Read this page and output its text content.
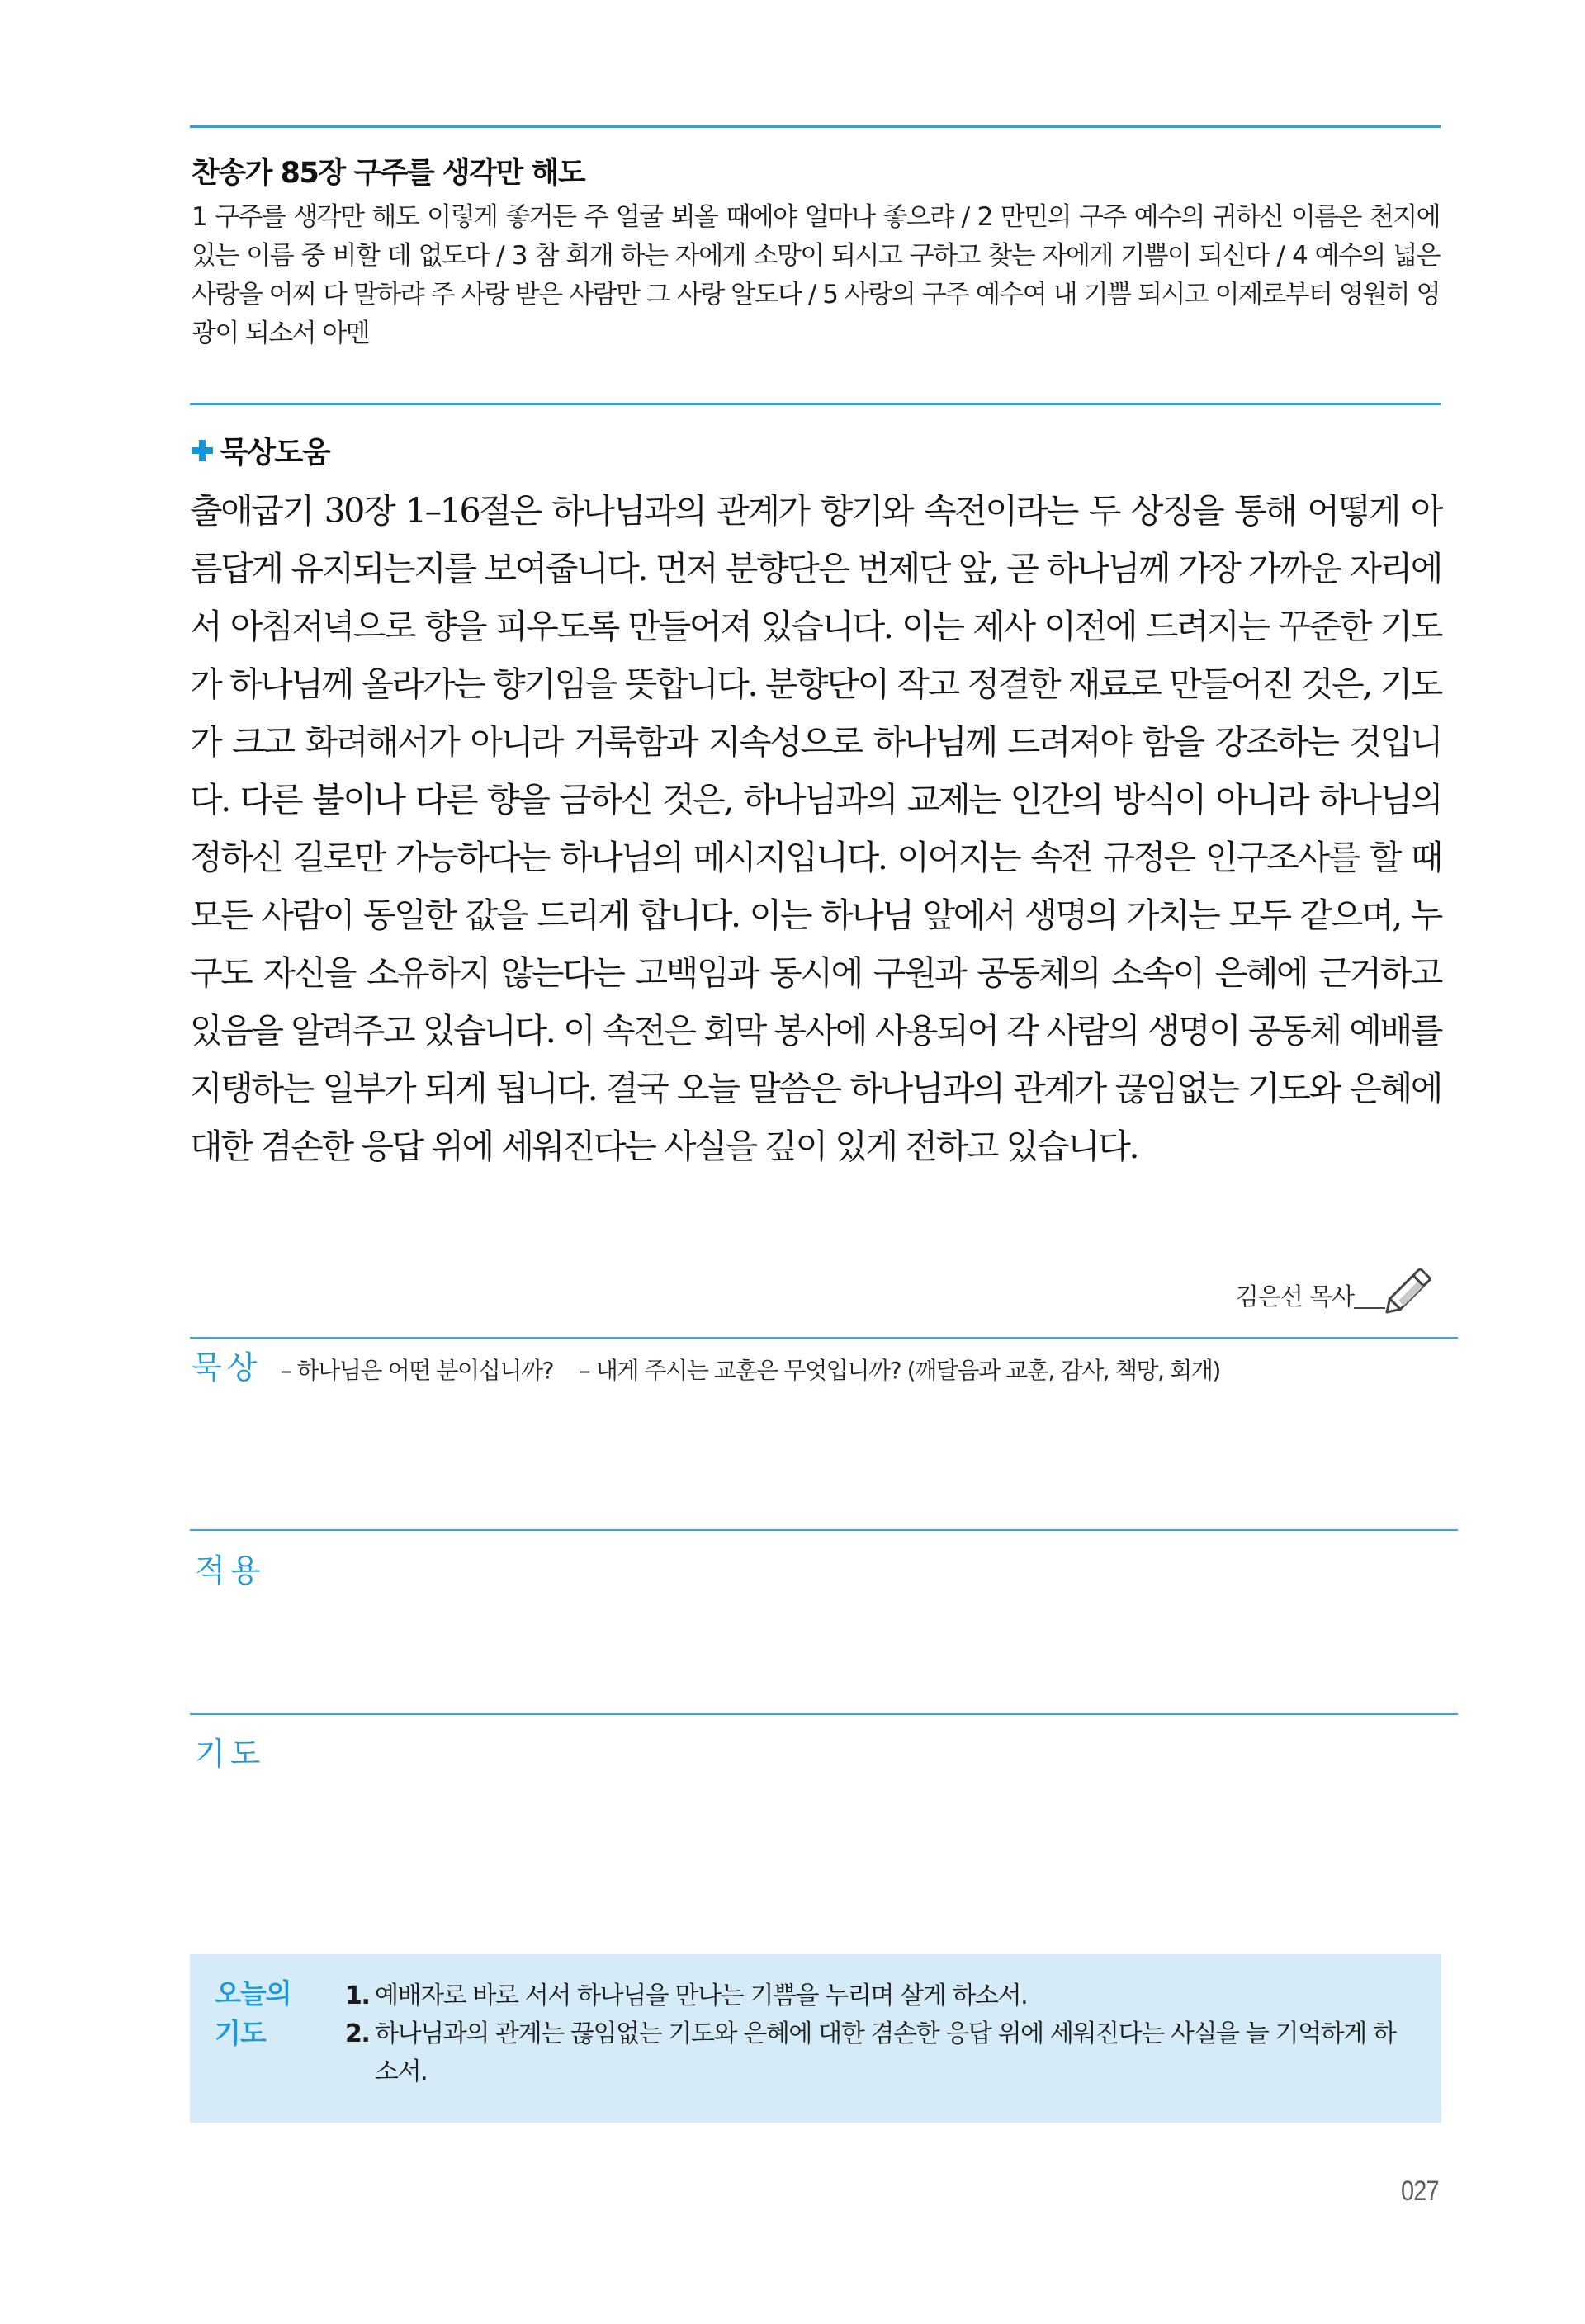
찬송가 85장 구주를 생각만 해도

1 구주를 생각만 해도 이렇게 좋거든 주 얼굴 뵈올 때에야 얼마나 좋으랴 / 2 만민의 구주 예수의 귀하신 이름은 천지에 있는 이름 중 비할 데 없도다 / 3 참 회개 하는 자에게 소망이 되시고 구하고 찾는 자에게 기쁨이 되신다 / 4 예수의 넓은 사랑을 어찌 다 말하랴 주 사랑 받은 사람만 그 사랑 알도다 / 5 사랑의 구주 예수여 내 기쁨 되시고 이제로부터 영원히 영광이 되소서 아멘

묵상도움

출애굽기 30장 1–16절은 하나님과의 관계가 향기와 속전이라는 두 상징을 통해 어떻게 아름답게 유지되는지를 보여줍니다. 먼저 분향단은 번제단 앞, 곧 하나님께 가장 가까운 자리에서 아침저녁으로 향을 피우도록 만들어져 있습니다. 이는 제사 이전에 드려지는 꾸준한 기도가 하나님께 올라가는 향기임을 뜻합니다. 분향단이 작고 정결한 재료로 만들어진 것은, 기도가 크고 화려해서가 아니라 거룩함과 지속성으로 하나님께 드려져야 함을 강조하는 것입니다. 다른 불이나 다른 향을 금하신 것은, 하나님과의 교제는 인간의 방식이 아니라 하나님의 정하신 길로만 가능하다는 하나님의 메시지입니다. 이어지는 속전 규정은 인구조사를 할 때 모든 사람이 동일한 값을 드리게 합니다. 이는 하나님 앞에서 생명의 가치는 모두 같으며, 누구도 자신을 소유하지 않는다는 고백임과 동시에 구원과 공동체의 소속이 은혜에 근거하고 있음을 알려주고 있습니다. 이 속전은 회막 봉사에 사용되어 각 사람의 생명이 공동체 예배를 지탱하는 일부가 되게 됩니다. 결국 오늘 말씀은 하나님과의 관계가 끊임없는 기도와 은혜에 대한 겸손한 응답 위에 세워진다는 사실을 깊이 있게 전하고 있습니다.

김은선 목사
묵상 – 하나님은 어떤 분이십니까? – 내게 주시는 교훈은 무엇입니까? (깨달음과 교훈, 감사, 책망, 회개)
적용
기도
오늘의 기도
1. 예배자로 바로 서서 하나님을 만나는 기쁨을 누리며 살게 하소서.
2. 하나님과의 관계는 끊임없는 기도와 은혜에 대한 겸손한 응답 위에 세워진다는 사실을 늘 기억하게 하소서.
027
